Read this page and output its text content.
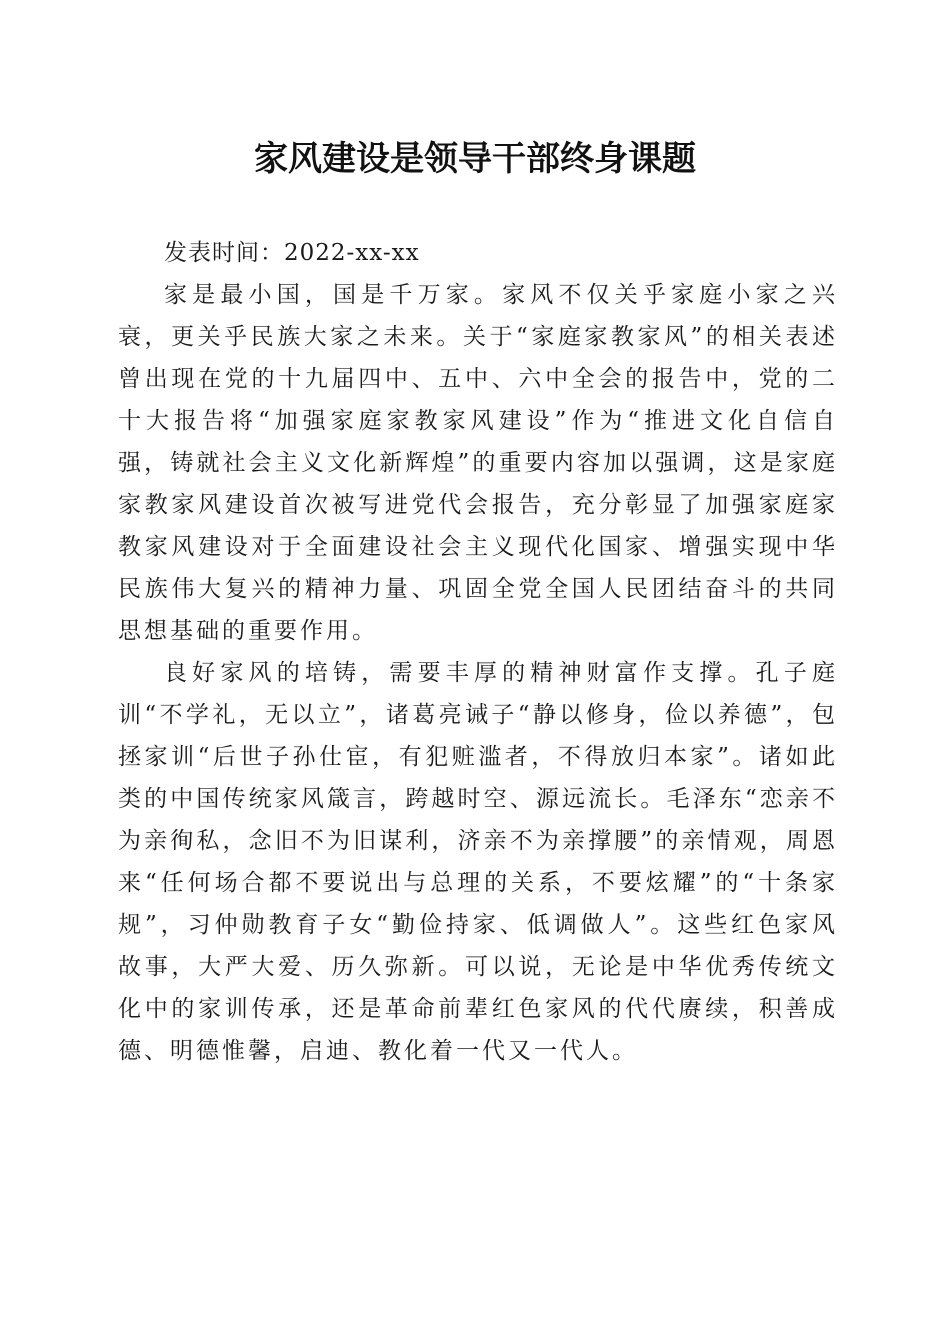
家风建设是领导干部终身课题

发表时间：2022-xx-xx

家是最小国，国是千万家。家风不仅关乎家庭小家之兴衰，更关乎民族大家之未来。关于“家庭家教家风”的相关表述曾出现在党的十九届四中、五中、六中全会的报告中，党的二十大报告将“加强家庭家教家风建设”作为“推进文化自信自强，铸就社会主义文化新辉煌”的重要内容加以强调，这是家庭家教家风建设首次被写进党代会报告，充分彰显了加强家庭家教家风建设对于全面建设社会主义现代化国家、增强实现中华民族伟大复兴的精神力量、巩固全党全国人民团结奋斗的共同思想基础的重要作用。

良好家风的培铸，需要丰厚的精神财富作支撑。孔子庭训“不学礼，无以立”，诸葛亮诫子“静以修身，俭以养德”，包拯家训“后世子孙仕宦，有犯赃滥者，不得放归本家”。诸如此类的中国传统家风箴言，跨越时空、源远流长。毛泽东“恋亲不为亲徇私，念旧不为旧谋利，济亲不为亲撑腰”的亲情观，周恩来“任何场合都不要说出与总理的关系，不要炫耀”的“十条家规”，习仲勋教育子女“勤俭持家、低调做人”。这些红色家风故事，大严大爱、历久弥新。可以说，无论是中华优秀传统文化中的家训传承，还是革命前辈红色家风的代代赓续，积善成德、明德惟馨，启迪、教化着一代又一代人。
